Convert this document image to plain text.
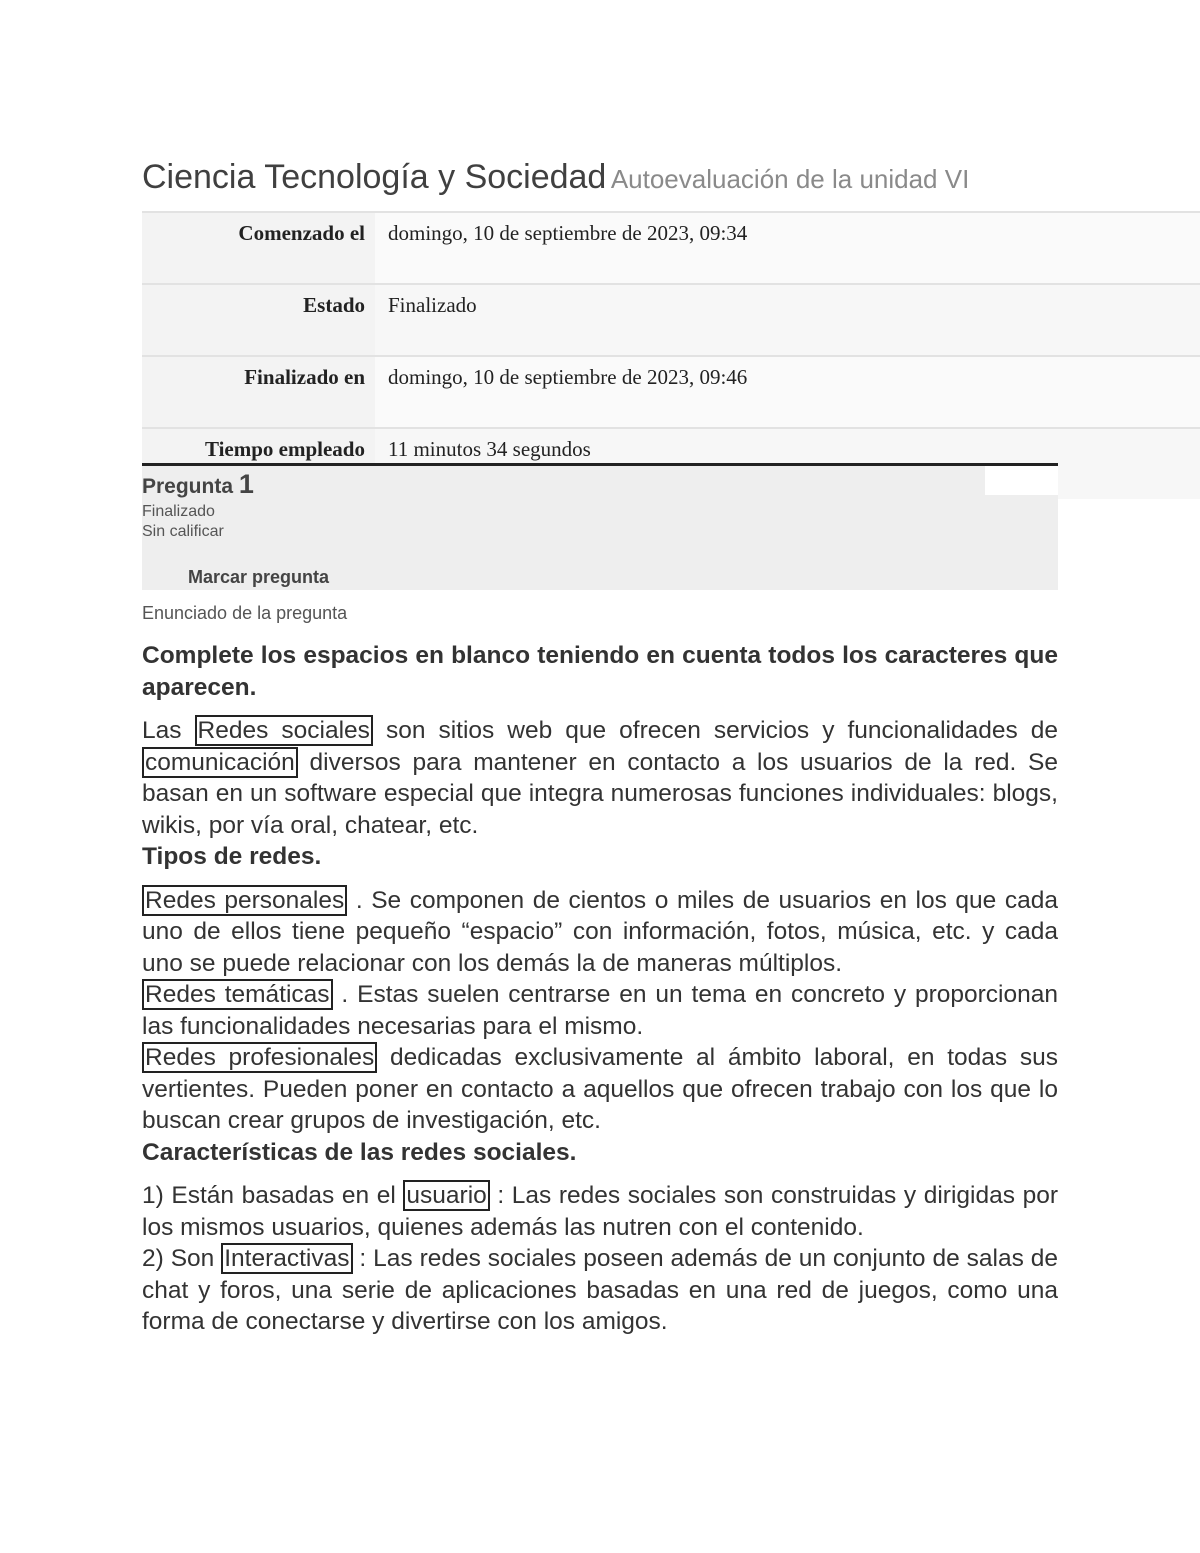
Ciencia Tecnología y Sociedad Autoevaluación de la unidad VI
Comenzado el	domingo, 10 de septiembre de 2023, 09:34
Estado	Finalizado
Finalizado en	domingo, 10 de septiembre de 2023, 09:46
Tiempo empleado	11 minutos 34 segundos
Pregunta 1
Finalizado
Sin calificar
Marcar pregunta
Enunciado de la pregunta

Complete los espacios en blanco teniendo en cuenta todos los caracteres que aparecen.

Las Redes sociales son sitios web que ofrecen servicios y funcionalidades de comunicación diversos para mantener en contacto a los usuarios de la red. Se basan en un software especial que integra numerosas funciones individuales: blogs, wikis, por vía oral, chatear, etc.

Tipos de redes.

Redes personales . Se componen de cientos o miles de usuarios en los que cada uno de ellos tiene pequeño “espacio” con información, fotos, música, etc. y cada uno se puede relacionar con los demás la de maneras múltiplos.

Redes temáticas . Estas suelen centrarse en un tema en concreto y proporcionan las funcionalidades necesarias para el mismo.

Redes profesionales dedicadas exclusivamente al ámbito laboral, en todas sus vertientes. Pueden poner en contacto a aquellos que ofrecen trabajo con los que lo buscan crear grupos de investigación, etc.

Características de las redes sociales.

1) Están basadas en el usuario : Las redes sociales son construidas y dirigidas por los mismos usuarios, quienes además las nutren con el contenido.

2) Son Interactivas : Las redes sociales poseen además de un conjunto de salas de chat y foros, una serie de aplicaciones basadas en una red de juegos, como una forma de conectarse y divertirse con los amigos.
